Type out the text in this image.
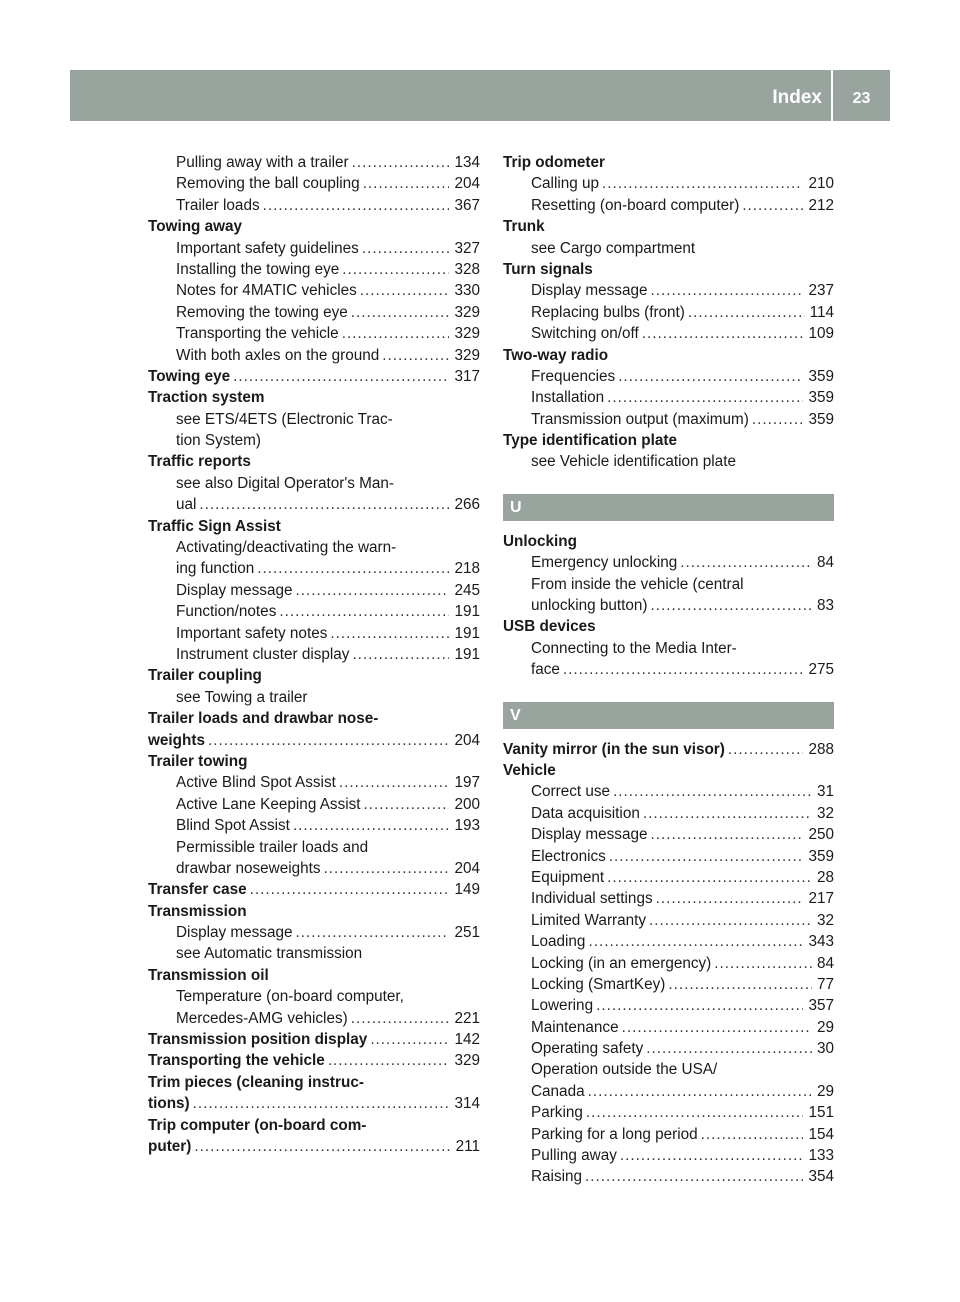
Index	23
Pulling away with a trailer .....	134
Removing the ball coupling .....	204
Trailer loads .....	367
Towing away
Important safety guidelines .....	327
Installing the towing eye .....	328
Notes for 4MATIC vehicles .....	330
Removing the towing eye .....	329
Transporting the vehicle .....	329
With both axles on the ground .....	329
Towing eye .....	317
Traction system
see ETS/4ETS (Electronic Trac-
tion System)
Traffic reports
see also Digital Operator's Man-
ual .....	266
Traffic Sign Assist
Activating/deactivating the warn-
ing function .....	218
Display message .....	245
Function/notes .....	191
Important safety notes .....	191
Instrument cluster display .....	191
Trailer coupling
see Towing a trailer
Trailer loads and drawbar nose-
weights .....	204
Trailer towing
Active Blind Spot Assist .....	197
Active Lane Keeping Assist .....	200
Blind Spot Assist .....	193
Permissible trailer loads and
drawbar noseweights .....	204
Transfer case .....	149
Transmission
Display message .....	251
see Automatic transmission
Transmission oil
Temperature (on-board computer,
Mercedes-AMG vehicles) .....	221
Transmission position display .....	142
Transporting the vehicle .....	329
Trim pieces (cleaning instruc-
tions) .....	314
Trip computer (on-board com-
puter) .....	211
Trip odometer
Calling up .....	210
Resetting (on-board computer) .....	212
Trunk
see Cargo compartment
Turn signals
Display message .....	237
Replacing bulbs (front) .....	114
Switching on/off .....	109
Two-way radio
Frequencies .....	359
Installation .....	359
Transmission output (maximum) .....	359
Type identification plate
see Vehicle identification plate
U
Unlocking
Emergency unlocking .....	84
From inside the vehicle (central
unlocking button) .....	83
USB devices
Connecting to the Media Inter-
face .....	275
V
Vanity mirror (in the sun visor) .....	288
Vehicle
Correct use .....	31
Data acquisition .....	32
Display message .....	250
Electronics .....	359
Equipment .....	28
Individual settings .....	217
Limited Warranty .....	32
Loading .....	343
Locking (in an emergency) .....	84
Locking (SmartKey) .....	77
Lowering .....	357
Maintenance .....	29
Operating safety .....	30
Operation outside the USA/
Canada .....	29
Parking .....	151
Parking for a long period .....	154
Pulling away .....	133
Raising .....	354
